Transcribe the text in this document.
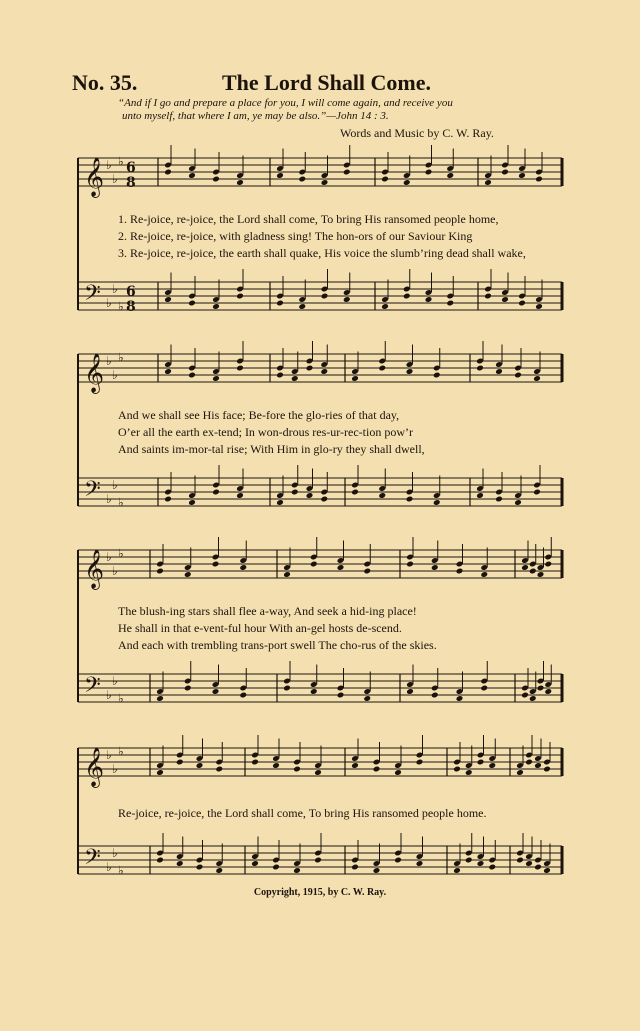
No. 35.	The Lord Shall Come.
“And if I go and prepare a place for you, I will come again, and receive you
unto myself, that where I am, ye may be also.”—John 14 : 3.
Words and Music by C. W. Ray.
𝄞 ♭
♭
♭ 6
8
𝄢 ♭
♭
♭
6
8
𝄞 ♭
♭
♭
𝄢 ♭
♭
♭
𝄞 ♭
♭
♭
𝄢 ♭
♭
♭
𝄞 ♭
♭
♭
𝄢 ♭
♭
♭
1. Re-joice, re-joice, the Lord shall come, To bring His ransomed people home,
2. Re-joice, re-joice, with gladness sing! The hon-ors of our Saviour King
3. Re-joice, re-joice, the earth shall quake, His voice the slumb’ring dead shall wake,
And we shall see His face; Be-fore the glo-ries of that day,
O’er all the earth ex-tend; In won-drous res-ur-rec-tion pow’r
And saints im-mor-tal rise; With Him in glo-ry they shall dwell,
The blush-ing stars shall flee a-way, And seek a hid-ing place!
He shall in that e-vent-ful hour With an-gel hosts de-scend.
And each with trembling trans-port swell The cho-rus of the skies.
Re-joice, re-joice, the Lord shall come, To bring His ransomed people home.
Copyright, 1915, by C. W. Ray.
